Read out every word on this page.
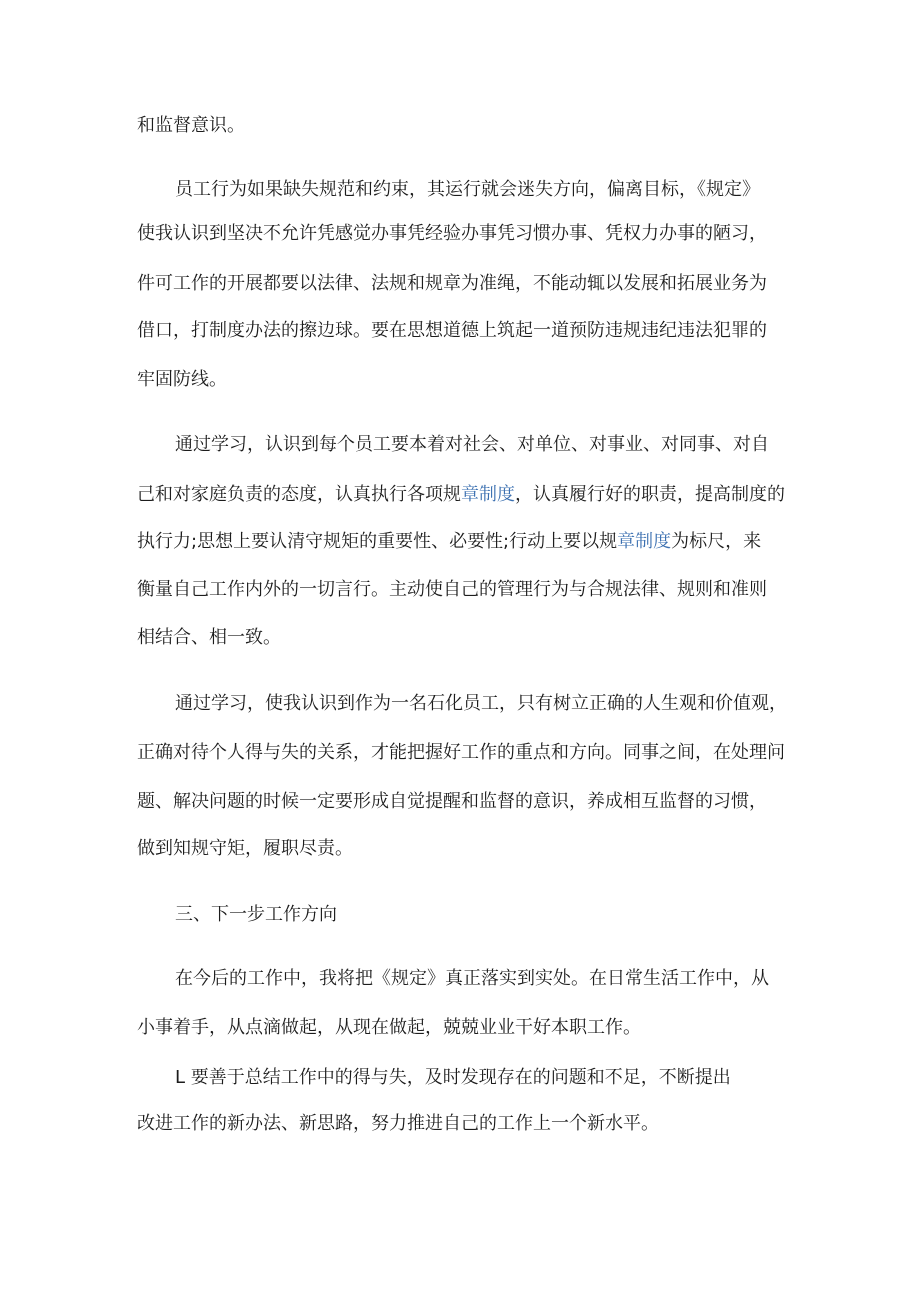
和监督意识。
员工行为如果缺失规范和约束，其运行就会迷失方向，偏离目标，《规定》
使我认识到坚决不允许凭感觉办事凭经验办事凭习惯办事、凭权力办事的陋习，
件可工作的开展都要以法律、法规和规章为准绳，不能动辄以发展和拓展业务为
借口，打制度办法的擦边球。要在思想道德上筑起一道预防违规违纪违法犯罪的
牢固防线。
通过学习，认识到每个员工要本着对社会、对单位、对事业、对同事、对自
己和对家庭负责的态度，认真执行各项规章制度，认真履行好的职责，提高制度的
执行力;思想上要认清守规矩的重要性、必要性;行动上要以规章制度为标尺，来
衡量自己工作内外的一切言行。主动使自己的管理行为与合规法律、规则和准则
相结合、相一致。
通过学习，使我认识到作为一名石化员工，只有树立正确的人生观和价值观，
正确对待个人得与失的关系，才能把握好工作的重点和方向。同事之间，在处理问
题、解决问题的时候一定要形成自觉提醒和监督的意识，养成相互监督的习惯，
做到知规守矩，履职尽责。
三、下一步工作方向
在今后的工作中，我将把《规定》真正落实到实处。在日常生活工作中，从
小事着手，从点滴做起，从现在做起，兢兢业业干好本职工作。
L 要善于总结工作中的得与失，及时发现存在的问题和不足，不断提出
改进工作的新办法、新思路，努力推进自己的工作上一个新水平。
